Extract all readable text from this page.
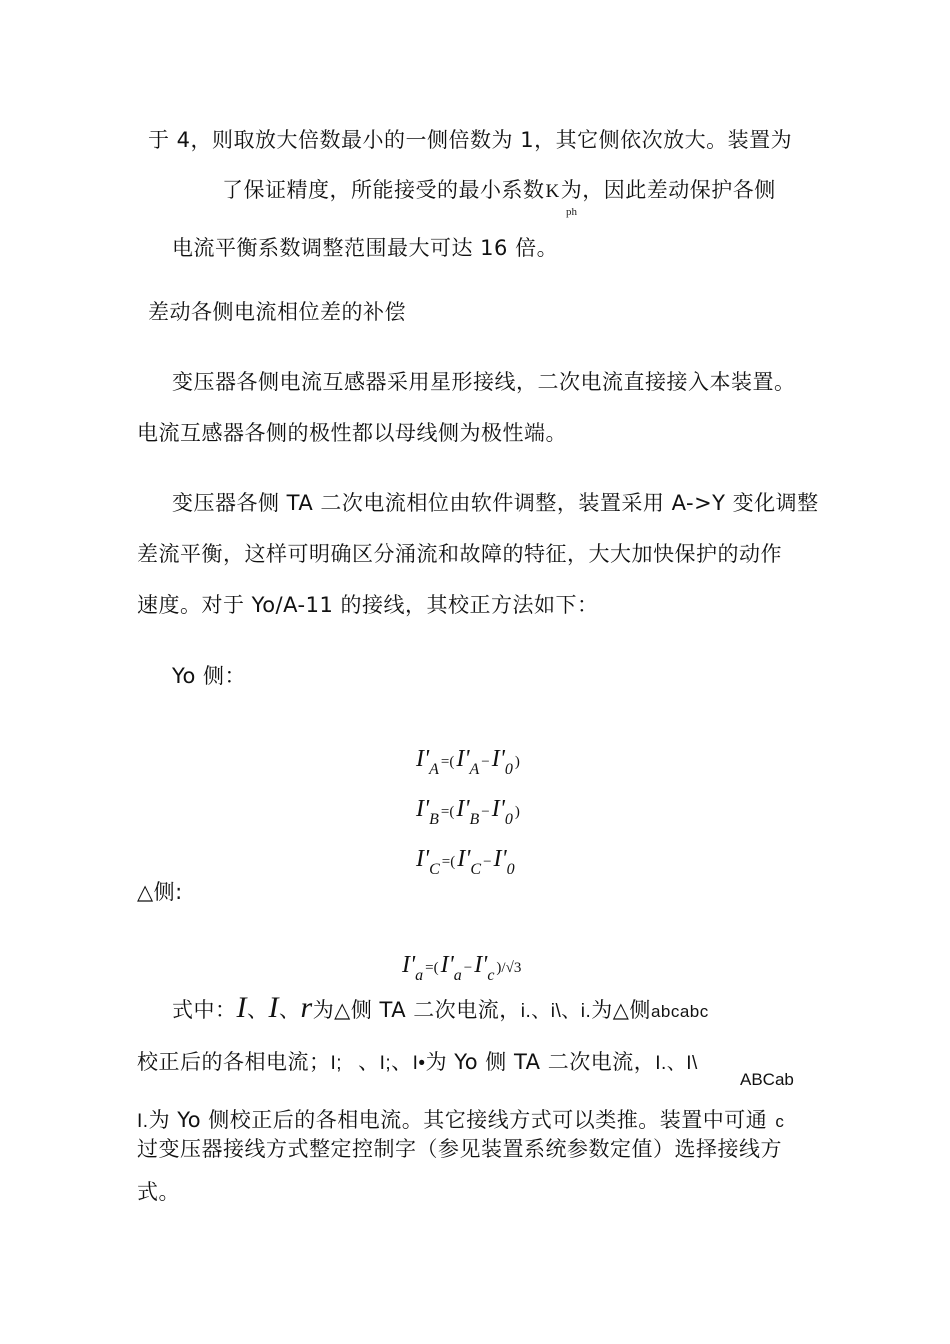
于 4，则取放大倍数最小的一侧倍数为 1，其它侧依次放大。装置为
了保证精度，所能接受的最小系数K为，因此差动保护各侧
ph
电流平衡系数调整范围最大可达 16 倍。
差动各侧电流相位差的补偿
变压器各侧电流互感器采用星形接线，二次电流直接接入本装置。
电流互感器各侧的极性都以母线侧为极性端。
变压器各侧 TA 二次电流相位由软件调整，装置采用 A->Y 变化调整
差流平衡，这样可明确区分涌流和故障的特征，大大加快保护的动作
速度。对于 Yo/A-11 的接线，其校正方法如下：
Yo 侧：
$I'_A =(I'_A -I'_0$ )
$I'_B =(I'_B -I'_0$ )
$I'_C =(I'_C -I'_0$
△侧:
$I'_a =(I'_a -I'_c$ )/√3
式中：I、I、r为△侧 TA 二次电流，i.、i\、i.为△侧abcabc
校正后的各相电流；I; 、I;、I•为 Yo 侧 TA 二次电流，I.、I\
ABCab
I.为 Yo 侧校正后的各相电流。其它接线方式可以类推。装置中可通 c
过变压器接线方式整定控制字（参见装置系统参数定值）选择接线方
式。
